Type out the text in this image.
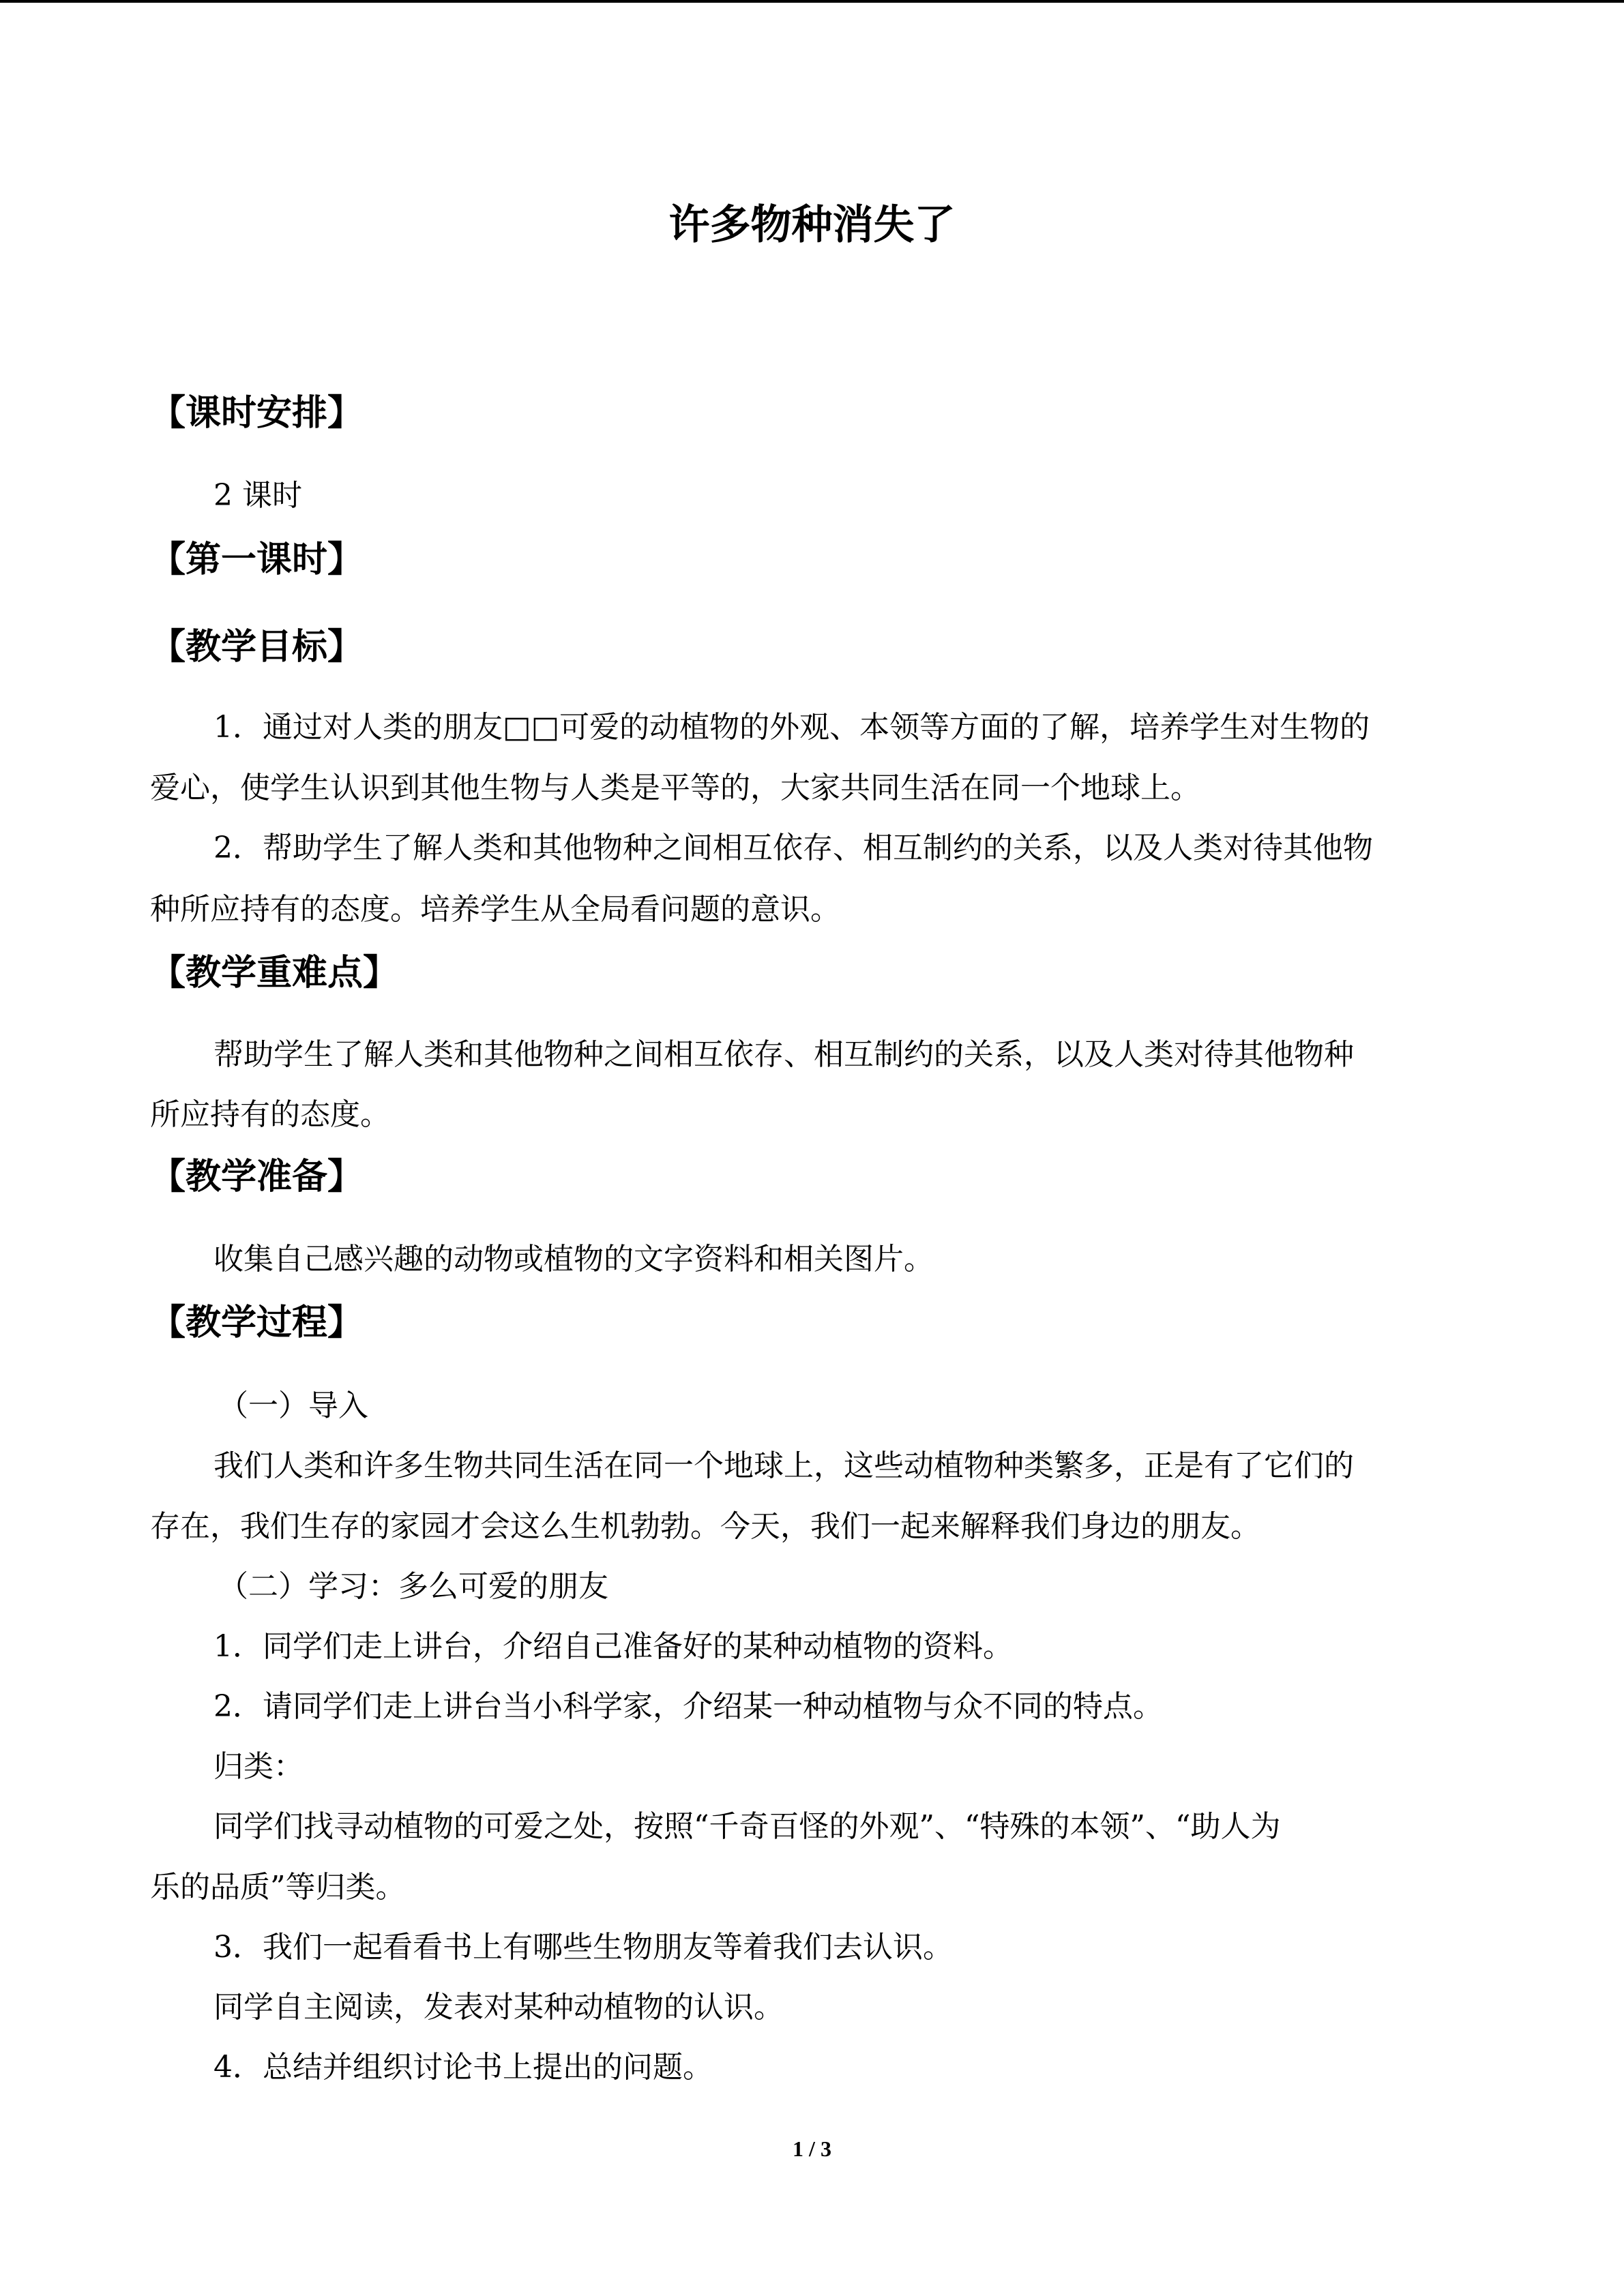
许多物种消失了
【课时安排】
2 课时
【第一课时】
【教学目标】
1．通过对人类的朋友□□可爱的动植物的外观、本领等方面的了解，培养学生对生物的
爱心，使学生认识到其他生物与人类是平等的，大家共同生活在同一个地球上。
2．帮助学生了解人类和其他物种之间相互依存、相互制约的关系，以及人类对待其他物
种所应持有的态度。培养学生从全局看问题的意识。
【教学重难点】
帮助学生了解人类和其他物种之间相互依存、相互制约的关系，以及人类对待其他物种
所应持有的态度。
【教学准备】
收集自己感兴趣的动物或植物的文字资料和相关图片。
【教学过程】
（一）导入
我们人类和许多生物共同生活在同一个地球上，这些动植物种类繁多，正是有了它们的
存在，我们生存的家园才会这么生机勃勃。今天，我们一起来解释我们身边的朋友。
（二）学习：多么可爱的朋友
1．同学们走上讲台，介绍自己准备好的某种动植物的资料。
2．请同学们走上讲台当小科学家，介绍某一种动植物与众不同的特点。
归类：
同学们找寻动植物的可爱之处，按照“千奇百怪的外观”、“特殊的本领”、“助人为
乐的品质”等归类。
3．我们一起看看书上有哪些生物朋友等着我们去认识。
同学自主阅读，发表对某种动植物的认识。
4．总结并组织讨论书上提出的问题。
1 / 3
